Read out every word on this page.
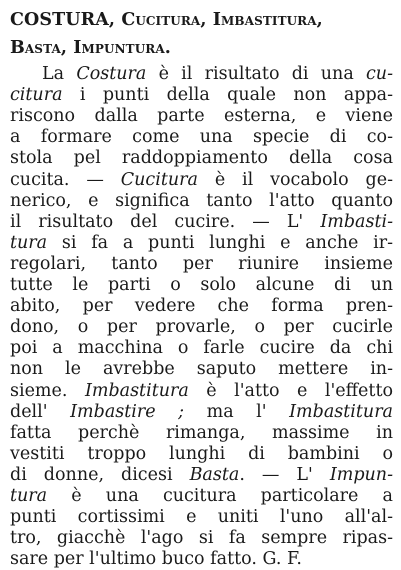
COSTURA, Cucitura, Imbastitura,
Basta, Impuntura.
La Costura è il risultato di una cu-
citura i punti della quale non appa-
riscono dalla parte esterna, e viene
a formare come una specie di co-
stola pel raddoppiamento della cosa
cucita. — Cucitura è il vocabolo ge-
nerico, e significa tanto l'atto quanto
il risultato del cucire. — L' Imbasti-
tura si fa a punti lunghi e anche ir-
regolari, tanto per riunire insieme
tutte le parti o solo alcune di un
abito, per vedere che forma pren-
dono, o per provarle, o per cucirle
poi a macchina o farle cucire da chi
non le avrebbe saputo mettere in-
sieme. Imbastitura è l'atto e l'effetto
dell' Imbastire ; ma l' Imbastitura
fatta perchè rimanga, massime in
vestiti troppo lunghi di bambini o
di donne, dicesi Basta. — L' Impun-
tura è una cucitura particolare a
punti cortissimi e uniti l'uno all'al-
tro, giacchè l'ago si fa sempre ripas-
sare per l'ultimo buco fatto. G. F.
